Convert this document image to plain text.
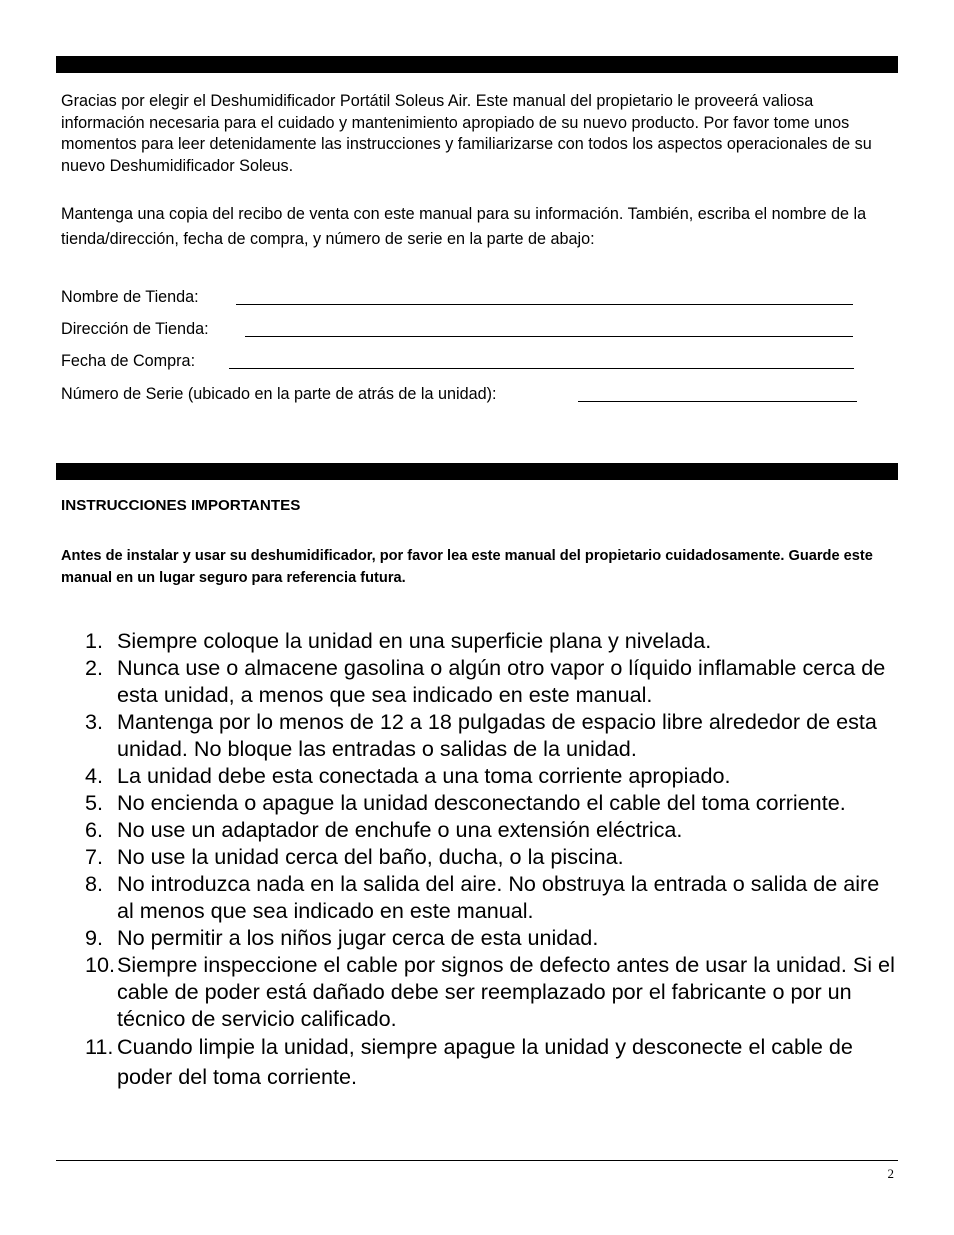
Gracias por elegir el Deshumidificador Portátil Soleus Air. Este manual del propietario le proveerá valiosa información necesaria para el cuidado y mantenimiento apropiado de su nuevo producto. Por favor tome unos momentos para leer detenidamente las instrucciones y familiarizarse con todos los aspectos operacionales de su nuevo Deshumidificador Soleus.

Mantenga una copia del recibo de venta con este manual para su información. También, escriba el nombre de la tienda/dirección, fecha de compra, y número de serie en la parte de abajo:

Nombre de Tienda:
Dirección de Tienda:
Fecha de Compra:
Número de Serie (ubicado en la parte de atrás de la unidad):
INSTRUCCIONES IMPORTANTES

Antes de instalar y usar su deshumidificador, por favor lea este manual del propietario cuidadosamente. Guarde este manual en un lugar seguro para referencia futura.

1. Siempre coloque la unidad en una superficie plana y nivelada.
2. Nunca use o almacene gasolina o algún otro vapor o líquido inflamable cerca de esta unidad, a menos que sea indicado en este manual.
3. Mantenga por lo menos de 12 a 18 pulgadas de espacio libre alrededor de esta unidad. No bloque las entradas o salidas de la unidad.
4. La unidad debe esta conectada a una toma corriente apropiado.
5. No encienda o apague la unidad desconectando el cable del toma corriente.
6. No use un adaptador de enchufe o una extensión eléctrica.
7. No use la unidad cerca del baño, ducha, o la piscina.
8. No introduzca nada en la salida del aire. No obstruya la entrada o salida de aire al menos que sea indicado en este manual.
9. No permitir a los niños jugar cerca de esta unidad.
10. Siempre inspeccione el cable por signos de defecto antes de usar la unidad. Si el cable de poder está dañado debe ser reemplazado por el fabricante o por un técnico de servicio calificado.
11. Cuando limpie la unidad, siempre apague la unidad y desconecte el cable de poder del toma corriente.
2
